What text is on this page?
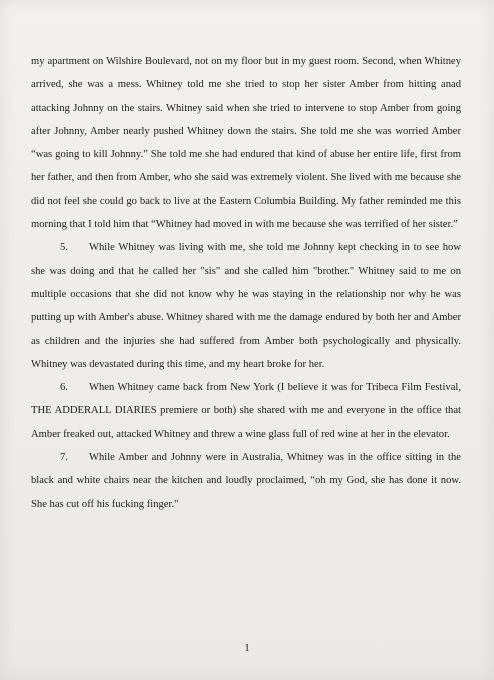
my apartment on Wilshire Boulevard, not on my floor but in my guest room. Second, when Whitney arrived, she was a mess. Whitney told me she tried to stop her sister Amber from hitting anad attacking Johnny on the stairs. Whitney said when she tried to intervene to stop Amber from going after Johnny, Amber nearly pushed Whitney down the stairs. She told me she was worried Amber “was going to kill Johnny.” She told me she had endured that kind of abuse her entire life, first from her father, and then from Amber, who she said was extremely violent. She lived with me because she did not feel she could go back to live at the Eastern Columbia Building. My father reminded me this morning that I told him that “Whitney had moved in with me because she was terrified of her sister.”

5. While Whitney was living with me, she told me Johnny kept checking in to see how she was doing and that he called her "sis" and she called him "brother." Whitney said to me on multiple occasions that she did not know why he was staying in the relationship nor why he was putting up with Amber's abuse. Whitney shared with me the damage endured by both her and Amber as children and the injuries she had suffered from Amber both psychologically and physically. Whitney was devastated during this time, and my heart broke for her.

6. When Whitney came back from New York (I believe it was for Tribeca Film Festival, THE ADDERALL DIARIES premiere or both) she shared with me and everyone in the office that Amber freaked out, attacked Whitney and threw a wine glass full of red wine at her in the elevator.

7. While Amber and Johnny were in Australia, Whitney was in the office sitting in the black and white chairs near the kitchen and loudly proclaimed, “oh my God, she has done it now. She has cut off his fucking finger."

1
